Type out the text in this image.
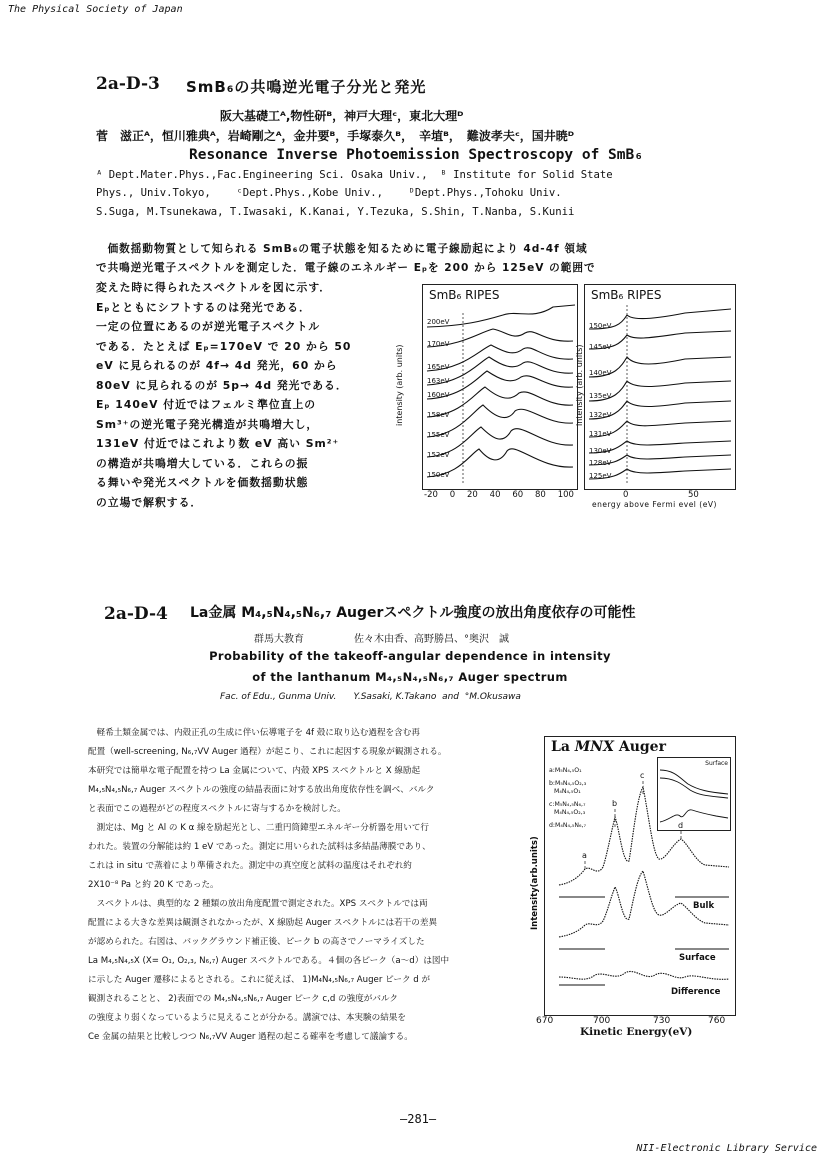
The Physical Society of Japan
—281—
NII-Electronic Library Service
2a-D-3 SmB₆の共鳴逆光電子分光と発光
阪大基礎工ᴬ,物性研ᴮ，神戸大理ᶜ，東北大理ᴰ
菅　滋正ᴬ，恒川雅典ᴬ，岩崎剛之ᴬ，金井要ᴮ，手塚泰久ᴮ，　辛埴ᴮ，　難波孝夫ᶜ，国井暁ᴰ
Resonance Inverse Photoemission Spectroscopy of SmB₆
ᴬ Dept.Mater.Phys.,Fac.Engineering Sci. Osaka Univ.,  ᴮ Institute for Solid State
Phys., Univ.Tokyo,    ᶜDept.Phys.,Kobe Univ.,    ᴰDept.Phys.,Tohoku Univ.
S.Suga, M.Tsunekawa, T.Iwasaki, K.Kanai, Y.Tezuka, S.Shin, T.Nanba, S.Kunii
　価数揺動物質として知られる SmB₆の電子状態を知るために電子線励起により 4d-4f 領域
で共鳴逆光電子スペクトルを測定した．電子線のエネルギー Eₚを 200 から 125eV の範囲で
変えた時に得られたスペクトルを図に示す．
Eₚとともにシフトするのは発光である．
一定の位置にあるのが逆光電子スペクトル
である．たとえば Eₚ=170eV で 20 から 50
eV に見られるのが 4f→ 4d 発光，60 から
80eV に見られるのが 5p→ 4d 発光である．
Eₚ 140eV 付近ではフェルミ準位直上の
Sm³⁺の逆光電子発光構造が共鳴増大し，
131eV 付近ではこれより数 eV 高い Sm²⁺
の構造が共鳴増大している．これらの振
る舞いや発光スペクトルを価数揺動状態
の立場で解釈する．
SmB₆ RIPES
200eV
170eV
165eV
163eV
160eV
158eV
155eV
152eV
150eV
intensity (arb. units)
-20 0 20 40 60 80 100
SmB₆ RIPES
150eV
145eV
140eV
135eV
132eV
131eV
130eV
128eV
125eV
intensity (arb. units)
0	50
energy above Fermi evel (eV)
2a-D-4 La金属 M₄,₅N₄,₅N₆,₇ Augerスペクトル強度の放出角度依存の可能性
群馬大教育　　　　　佐々木由香、高野勝昌、°奥沢　誠
Probability of the takeoff-angular dependence in intensity
of the lanthanum M₄,₅N₄,₅N₆,₇ Auger spectrum
Fac. of Edu., Gunma Univ.      Y.Sasaki, K.Takano  and  °M.Okusawa
　軽希土類金属では、内殻正孔の生成に伴い伝導電子を 4f 殻に取り込む過程を含む再
配置（well-screening, N₆,₇VV Auger 過程）が起こり、これに起因する現象が観測される。
本研究では簡単な電子配置を持つ La 金属について、内殻 XPS スペクトルと X 線励起
M₄,₅N₄,₅N₆,₇ Auger スペクトルの強度の結晶表面に対する放出角度依存性を調べ、バルク
と表面でこの過程がどの程度スペクトルに寄与するかを検討した。
　測定は、Mg と Al の K α 線を励起光とし、二重円筒鍏型エネルギー分析器を用いて行
われた。装置の分解能は約 1 eV であった。測定に用いられた試料は多結晶薄膜であり、
これは in situ で蒸着により準備された。測定中の真空度と試料の温度はそれぞれ約
2X10⁻⁸ Pa と約 20 K であった。
　スペクトルは、典型的な 2 種類の放出角度配置で測定された。XPS スペクトルでは両
配置による大きな差異は観測されなかったが、X 線励起 Auger スペクトルには若干の差異
が認められた。右図は、バックグラウンド補正後、ピーク b の高さでノーマライズした
La M₄,₅N₄,₅X (X= O₁, O₂,₃, N₆,₇) Auger スペクトルである。４個の各ピーク（a～d）は図中
に示した Auger 遷移によるとされる。これに従えば、 1)M₄N₄,₅N₆,₇ Auger ピーク d が
観測されることと、 2)表面での M₄,₅N₄,₅N₆,₇ Auger ピーク c,d の強度がバルク
の強度より弱くなっているように見えることが分かる。講演では、本実験の結果を
Ce 金属の結果と比較しつつ N₆,₇VV Auger 過程の起こる確率を考慮して議論する。
La MNX Auger
a:M₅N₄,₅O₁
b:M₅N₄,₅O₂,₃
M₄N₄,₅O₁
c:M₅N₄,₅N₆,₇
M₄N₄,₅O₂,₃
d:M₄N₄,₅N₆,₇
Surface
a
b
c
d
Bulk
Surface
Difference
Intensity(arb.units)
670	700	730	760
Kinetic Energy(eV)
